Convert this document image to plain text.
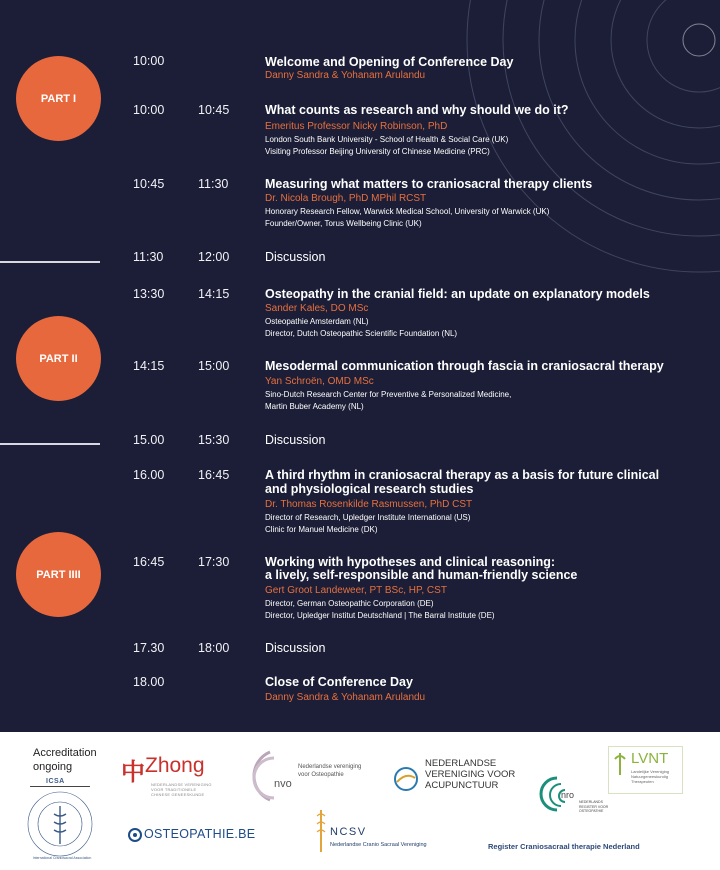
PART I
PART II
PART IIII
10:00	Welcome and Opening of Conference Day
Danny Sandra & Yohanam Arulandu
10:00	10:45	What counts as research and why should we do it?
Emeritus Professor Nicky Robinson, PhD
London South Bank University - School of Health & Social Care (UK)
Visiting Professor Beijing University of Chinese Medicine (PRC)
10:45	11:30	Measuring what matters to craniosacral therapy clients
Dr. Nicola Brough, PhD MPhil RCST
Honorary Research Fellow, Warwick Medical School, University of Warwick (UK)
Founder/Owner, Torus Wellbeing Clinic (UK)
11:30	12:00	Discussion
13:30	14:15	Osteopathy in the cranial field: an update on explanatory models
Sander Kales, DO MSc
Osteopathie Amsterdam (NL)
Director, Dutch Osteopathic Scientific Foundation (NL)
14:15	15:00	Mesodermal communication through fascia in craniosacral therapy
Yan Schroën, OMD MSc
Sino-Dutch Research Center for Preventive & Personalized Medicine,
Martin Buber Academy (NL)
15.00	15:30	Discussion
16.00	16:45	A third rhythm in craniosacral therapy as a basis for future clinical
and physiological research studies
Dr. Thomas Rosenkilde Rasmussen, PhD CST
Director of Research, Upledger Institute International (US)
Clinic for Manuel Medicine (DK)
16:45	17:30	Working with hypotheses and clinical reasoning:
a lively, self-responsible and human-friendly science
Gert Groot Landeweer, PT BSc, HP, CST
Director, German Osteopathic Corporation (DE)
Director, Upledger Institut Deutschland | The Barral Institute (DE)
17.30	18:00	Discussion
18.00	Close of Conference Day
Danny Sandra & Yohanam Arulandu
Accreditation
ongoing	中 Zhong
NEDERLANDSE VERENIGING
VOOR TRADITIONELE
CHINESE GENEESKUNDE
nvo
Nederlandse vereniging
voor Osteopathie
NEDERLANDSE
VERENIGING VOOR
ACUPUNCTUUR
LVNT
Landelijke Vereniging
Natuurgeneeskundig
Therapeuten
nro
NEDERLANDS
REGISTER VOOR
OSTEOPATHIE
ICSA
International Craniosacral Association
OSTEOPATHIE.BE	NCSV
Nederlandse Cranio Sacraal Vereniging	Register Craniosacraal therapie Nederland
